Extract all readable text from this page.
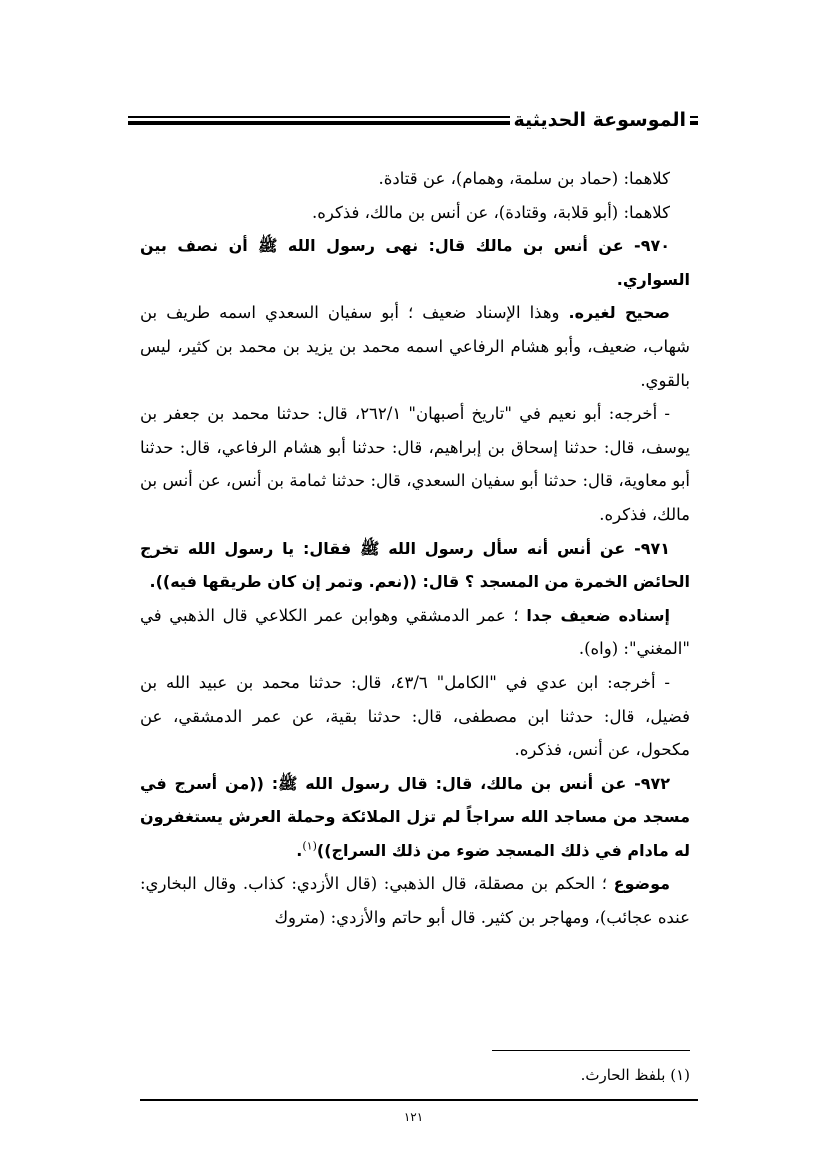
الموسوعة الحديثية

كلاهما: (حماد بن سلمة، وهمام)، عن قتادة.

كلاهما: (أبو قلابة، وقتادة)، عن أنس بن مالك، فذكره.

٩٧٠- عن أنس بن مالك قال: نهى رسول الله ﷺ أن نصف بين السواري.

صحيح لغيره. وهذا الإسناد ضعيف ؛ أبو سفيان السعدي اسمه طريف بن شهاب، ضعيف، وأبو هشام الرفاعي اسمه محمد بن يزيد بن محمد بن كثير، ليس بالقوي.

- أخرجه: أبو نعيم في "تاريخ أصبهان" ٢٦٢/١، قال: حدثنا محمد بن جعفر بن يوسف، قال: حدثنا إسحاق بن إبراهيم، قال: حدثنا أبو هشام الرفاعي، قال: حدثنا أبو معاوية، قال: حدثنا أبو سفيان السعدي، قال: حدثنا ثمامة بن أنس، عن أنس بن مالك، فذكره.

٩٧١- عن أنس أنه سأل رسول الله ﷺ فقال: يا رسول الله تخرج الحائض الخمرة من المسجد ؟ قال: ((نعم. وتمر إن كان طريقها فيه)).

إسناده ضعيف جدا ؛ عمر الدمشقي وهوابن عمر الكلاعي قال الذهبي في "المغني": (واه).

- أخرجه: ابن عدي في "الكامل" ٤٣/٦، قال: حدثنا محمد بن عبيد الله بن فضيل، قال: حدثنا ابن مصطفى، قال: حدثنا بقية، عن عمر الدمشقي، عن مكحول، عن أنس، فذكره.

٩٧٢- عن أنس بن مالك، قال: قال رسول الله ﷺ: ((من أسرج في مسجد من مساجد الله سراجاً لم تزل الملائكة وحملة العرش يستغفرون له مادام في ذلك المسجد ضوء من ذلك السراج))$^{(١)}$.

موضوع ؛ الحكم بن مصقلة، قال الذهبي: (قال الأزدي: كذاب. وقال البخاري: عنده عجائب)، ومهاجر بن كثير. قال أبو حاتم والأزدي: (متروك

(١) بلفظ الحارث.
١٢١
